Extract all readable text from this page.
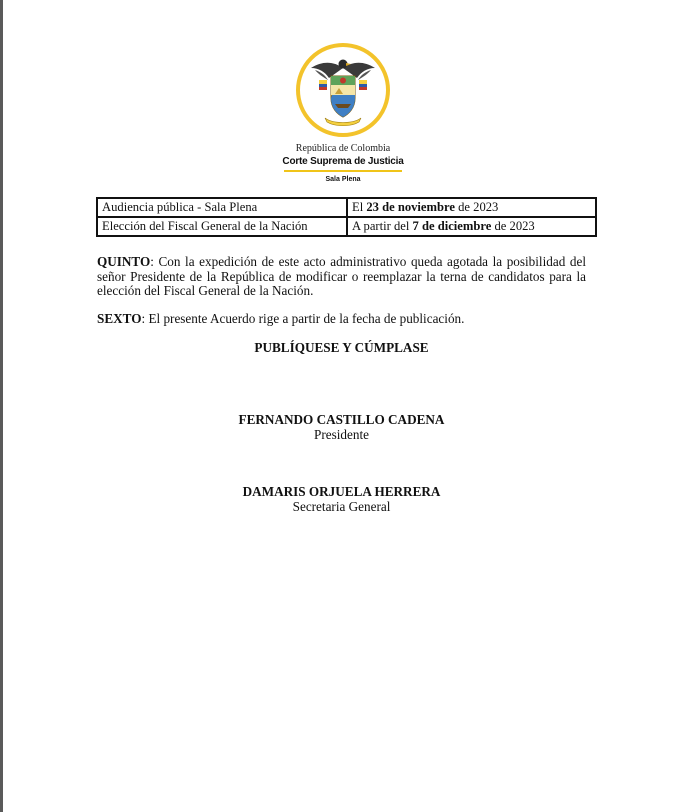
República de Colombia
Corte Suprema de Justicia
Sala Plena
Audiencia pública - Sala Plena	El 23 de noviembre de 2023
Elección del Fiscal General de la Nación	A partir del 7 de diciembre de 2023

QUINTO: Con la expedición de este acto administrativo queda agotada la posibilidad del señor Presidente de la República de modificar o reemplazar la terna de candidatos para la elección del Fiscal General de la Nación.

SEXTO: El presente Acuerdo rige a partir de la fecha de publicación.

PUBLÍQUESE Y CÚMPLASE
FERNANDO CASTILLO CADENA
Presidente
DAMARIS ORJUELA HERRERA
Secretaria General
